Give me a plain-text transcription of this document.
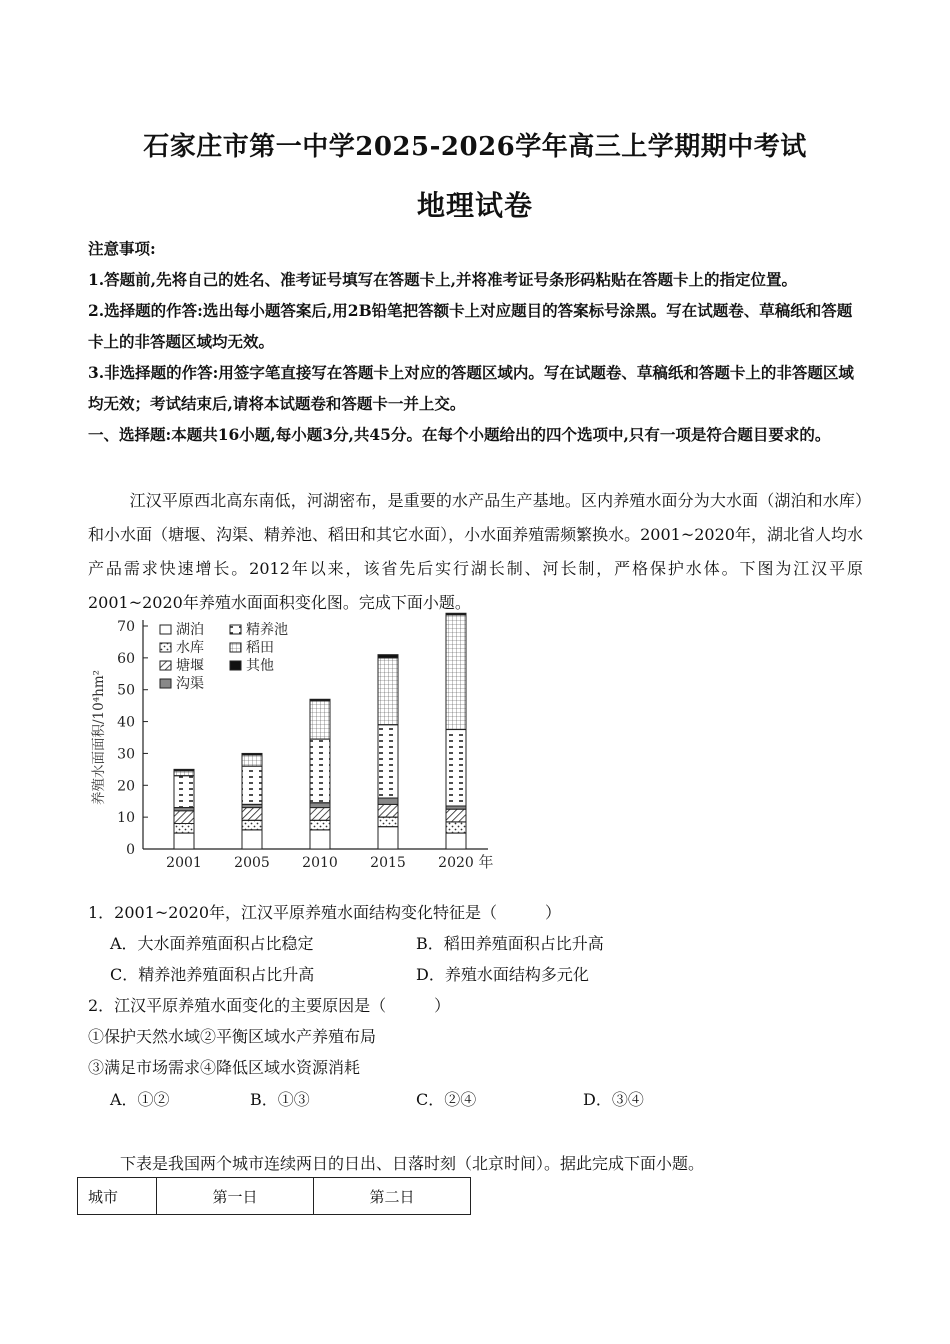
石家庄市第一中学2025-2026学年高三上学期期中考试
地理试卷

注意事项:

1.答题前,先将自己的姓名、准考证号填写在答题卡上,并将准考证号条形码粘贴在答题卡上的指定位置。

2.选择题的作答:选出每小题答案后,用2B铅笔把答额卡上对应题目的答案标号涂黑。写在试题卷、草稿纸和答题卡上的非答题区域均无效。

3.非选择题的作答:用签字笔直接写在答题卡上对应的答题区域内。写在试题卷、草稿纸和答题卡上的非答题区域均无效；考试结束后,请将本试题卷和答题卡一并上交。

一、选择题:本题共16小题,每小题3分,共45分。在每个小题给出的四个选项中,只有一项是符合题目要求的。

江汉平原西北高东南低，河湖密布，是重要的水产品生产基地。区内养殖水面分为大水面（湖泊和水库）和小水面（塘堰、沟渠、精养池、稻田和其它水面），小水面养殖需频繁换水。2001~2020年，湖北省人均水产品需求快速增长。2012年以来，该省先后实行湖长制、河长制，严格保护水体。下图为江汉平原2001~2020年养殖水面面积变化图。完成下面小题。

0
10
20
30
40
50
60
70
养殖水面面积/10⁴hm²
2001 2005 2010 2015 2020 年
湖泊
水库
塘堰
沟渠
精养池
稻田
其他
1．2001~2020年，江汉平原养殖水面结构变化特征是（　　　）
A．大水面养殖面积占比稳定	B．稻田养殖面积占比升高
C．精养池养殖面积占比升高	D．养殖水面结构多元化
2．江汉平原养殖水面变化的主要原因是（　　　）
①保护天然水域②平衡区域水产养殖布局
③满足市场需求④降低区域水资源消耗
A．①②	B．①③	C．②④	D．③④
下表是我国两个城市连续两日的日出、日落时刻（北京时间）。据此完成下面小题。
城市	第一日	第二日
